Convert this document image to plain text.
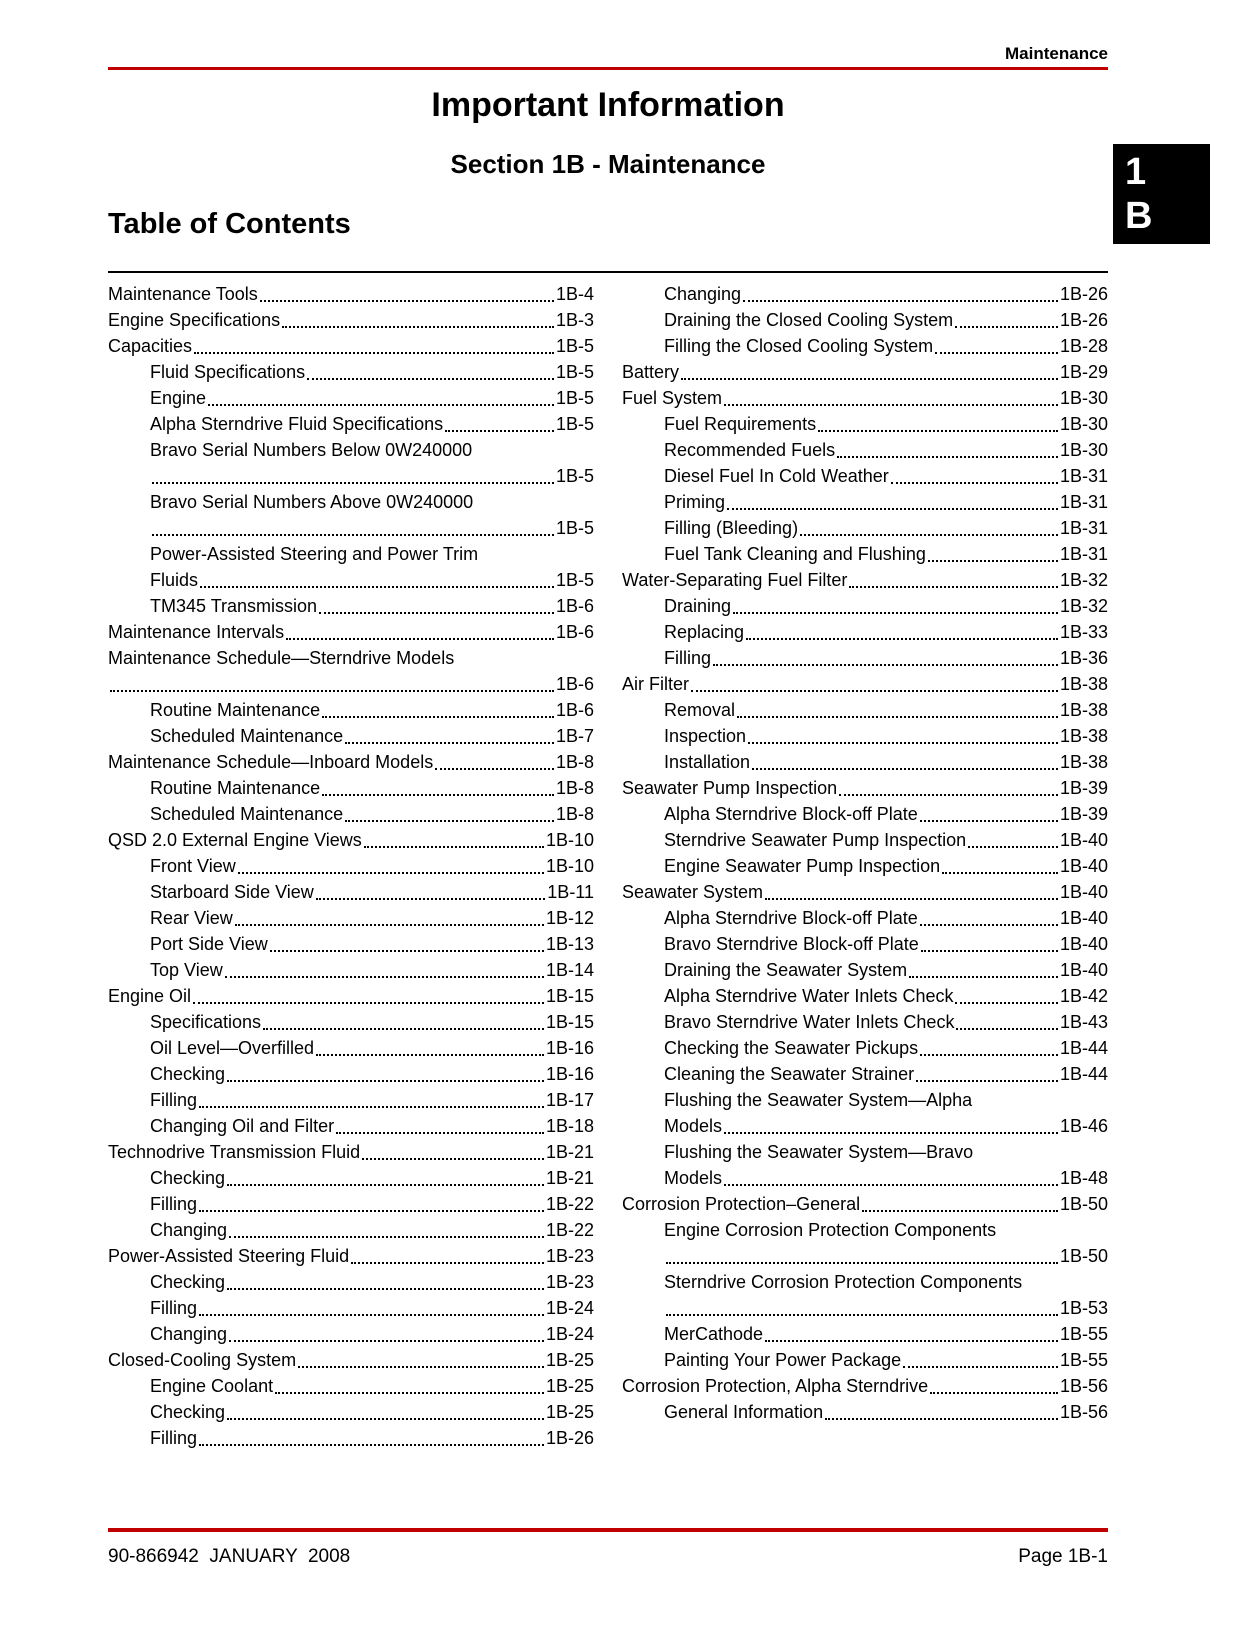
1
B
Maintenance
Important Information
Section 1B - Maintenance
Table of Contents
Maintenance Tools	1B-4
Engine Specifications	1B-3
Capacities	1B-5
Fluid Specifications	1B-5
Engine	1B-5
Alpha Sterndrive Fluid Specifications	1B-5
Bravo Serial Numbers Below 0W240000
1B-5
Bravo Serial Numbers Above 0W240000
1B-5
Power-Assisted Steering and Power Trim
Fluids	1B-5
TM345 Transmission	1B-6
Maintenance Intervals	1B-6
Maintenance Schedule—Sterndrive Models
1B-6
Routine Maintenance	1B-6
Scheduled Maintenance	1B-7
Maintenance Schedule—Inboard Models	1B-8
Routine Maintenance	1B-8
Scheduled Maintenance	1B-8
QSD 2.0 External Engine Views	1B-10
Front View	1B-10
Starboard Side View	1B-11
Rear View	1B-12
Port Side View	1B-13
Top View	1B-14
Engine Oil	1B-15
Specifications	1B-15
Oil Level—Overfilled	1B-16
Checking	1B-16
Filling	1B-17
Changing Oil and Filter	1B-18
Technodrive Transmission Fluid	1B-21
Checking	1B-21
Filling	1B-22
Changing	1B-22
Power-Assisted Steering Fluid	1B-23
Checking	1B-23
Filling	1B-24
Changing	1B-24
Closed-Cooling System	1B-25
Engine Coolant	1B-25
Checking	1B-25
Filling	1B-26
Changing	1B-26
Draining the Closed Cooling System	1B-26
Filling the Closed Cooling System	1B-28
Battery	1B-29
Fuel System	1B-30
Fuel Requirements	1B-30
Recommended Fuels	1B-30
Diesel Fuel In Cold Weather	1B-31
Priming	1B-31
Filling (Bleeding)	1B-31
Fuel Tank Cleaning and Flushing	1B-31
Water-Separating Fuel Filter	1B-32
Draining	1B-32
Replacing	1B-33
Filling	1B-36
Air Filter	1B-38
Removal	1B-38
Inspection	1B-38
Installation	1B-38
Seawater Pump Inspection	1B-39
Alpha Sterndrive Block-off Plate	1B-39
Sterndrive Seawater Pump Inspection	1B-40
Engine Seawater Pump Inspection	1B-40
Seawater System	1B-40
Alpha Sterndrive Block-off Plate	1B-40
Bravo Sterndrive Block-off Plate	1B-40
Draining the Seawater System	1B-40
Alpha Sterndrive Water Inlets Check	1B-42
Bravo Sterndrive Water Inlets Check	1B-43
Checking the Seawater Pickups	1B-44
Cleaning the Seawater Strainer	1B-44
Flushing the Seawater System—Alpha
Models	1B-46
Flushing the Seawater System—Bravo
Models	1B-48
Corrosion Protection–General	1B-50
Engine Corrosion Protection Components
1B-50
Sterndrive Corrosion Protection Components
1B-53
MerCathode	1B-55
Painting Your Power Package	1B-55
Corrosion Protection, Alpha Sterndrive	1B-56
General Information	1B-56
90-866942  JANUARY  2008	Page 1B-1
